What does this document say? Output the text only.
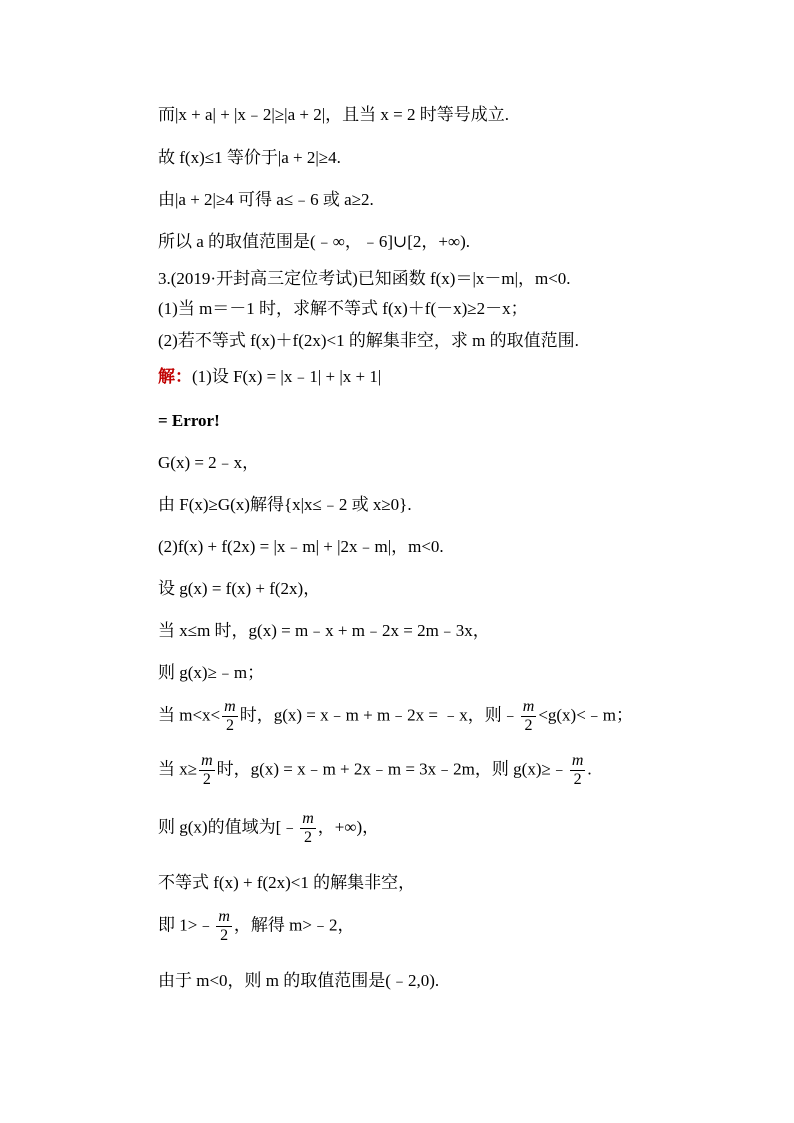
而|x + a| + |x﹣2|≥|a + 2|，且当 x = 2 时等号成立.
故 f(x)≤1 等价于|a + 2|≥4.
由|a + 2|≥4 可得 a≤﹣6 或 a≥2.
所以 a 的取值范围是(﹣∞，﹣6]∪[2，+∞).
3.(2019·开封高三定位考试)已知函数 f(x)＝|x－m|，m<0.
(1)当 m＝－1 时，求解不等式 f(x)＋f(－x)≥2－x；
(2)若不等式 f(x)＋f(2x)<1 的解集非空，求 m 的取值范围.
解：(1)设 F(x) = |x﹣1| + |x + 1|
= Error!
G(x) = 2﹣x，
由 F(x)≥G(x)解得{x|x≤﹣2 或 x≥0}.
(2)f(x) + f(2x) = |x﹣m| + |2x﹣m|，m<0.
设 g(x) = f(x) + f(2x)，
当 x≤m 时，g(x) = m﹣x + m﹣2x = 2m﹣3x，
则 g(x)≥﹣m；
当 $m<x< \frac{m}{2}$ 时，g(x) = x﹣m + m﹣2x = ﹣x，则﹣ $\frac{m}{2}$ <g(x)<﹣m；
当 $x\ge \frac{m}{2}$ 时，g(x) = x﹣m + 2x﹣m = 3x﹣2m，则 g(x)≥﹣ $\frac{m}{2}$ .
则 g(x)的值域为[﹣ $\frac{m}{2}$ ，+∞)，
不等式 f(x) + f(2x)<1 的解集非空，
即 1>﹣ $\frac{m}{2}$ ，解得 m>﹣2，
由于 m<0，则 m 的取值范围是(﹣2,0).
